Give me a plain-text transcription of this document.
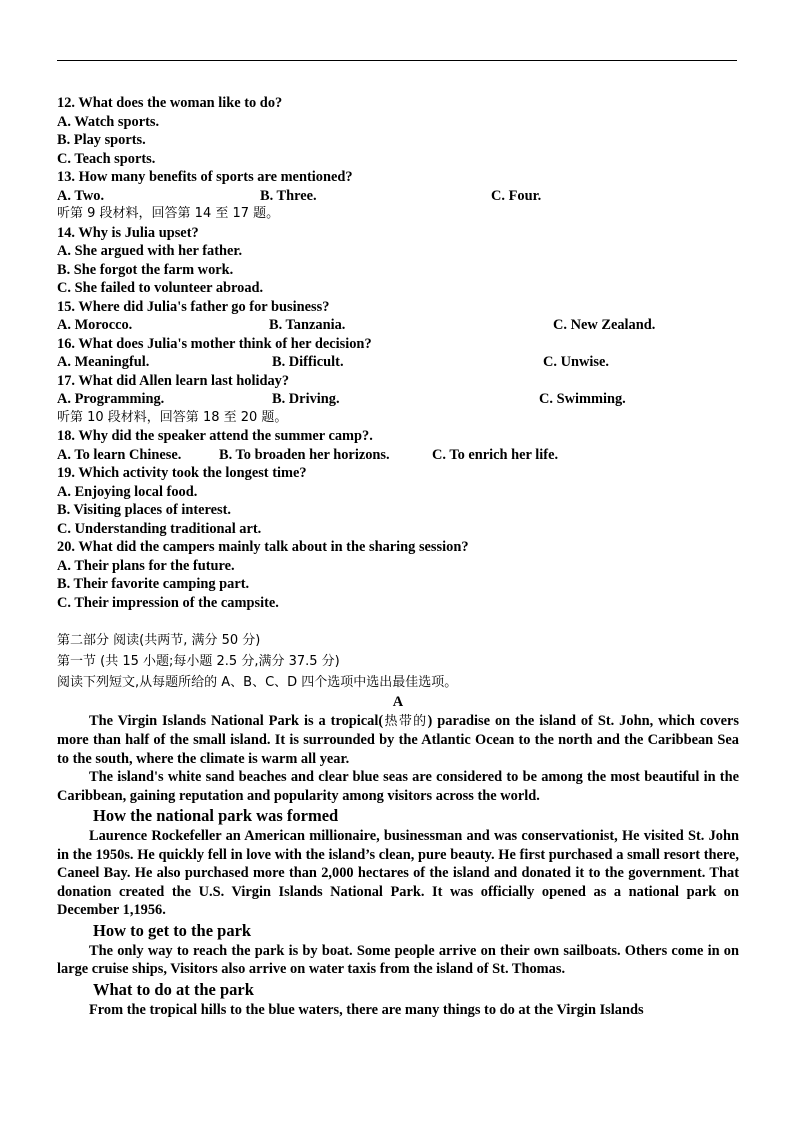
12. What does the woman like to do?
A. Watch sports.
B. Play sports.
C. Teach sports.
13. How many benefits of sports are mentioned?
A. Two.	B. Three.	C. Four.
听第 9 段材料，回答第 14 至 17 题。
14. Why is Julia upset?
A. She argued with her father.
B. She forgot the farm work.
C. She failed to volunteer abroad.
15. Where did Julia's father go for business?
A. Morocco.	B. Tanzania.	C. New Zealand.
16. What does Julia's mother think of her decision?
A. Meaningful.	B. Difficult.	C. Unwise.
17. What did Allen learn last holiday?
A. Programming.	B. Driving.	C. Swimming.
听第 10 段材料，回答第 18 至 20 题。
18. Why did the speaker attend the summer camp?.
A. To learn Chinese.	B. To broaden her horizons.	C. To enrich her life.
19. Which activity took the longest time?
A. Enjoying local food.
B. Visiting places of interest.
C. Understanding traditional art.
20. What did the campers mainly talk about in the sharing session?
A. Their plans for the future.
B. Their favorite camping part.
C. Their impression of the campsite.
第二部分 阅读(共两节, 满分 50 分)
第一节 (共 15 小题;每小题 2.5 分,满分 37.5 分)
阅读下列短文,从每题所给的 A、B、C、D 四个选项中选出最佳选项。
A

The Virgin Islands National Park is a tropical(热带的) paradise on the island of St. John, which covers more than half of the small island. It is surrounded by the Atlantic Ocean to the north and the Caribbean Sea to the south, where the climate is warm all year.

The island's white sand beaches and clear blue seas are considered to be among the most beautiful in the Caribbean, gaining reputation and popularity among visitors across the world.

How the national park was formed

Laurence Rockefeller an American millionaire, businessman and was conservationist, He visited St. John in the 1950s. He quickly fell in love with the island’s clean, pure beauty. He first purchased a small resort there, Caneel Bay. He also purchased more than 2,000 hectares of the island and donated it to the government. That donation created the U.S. Virgin Islands National Park. It was officially opened as a national park on December 1,1956.

How to get to the park

The only way to reach the park is by boat. Some people arrive on their own sailboats. Others come in on large cruise ships, Visitors also arrive on water taxis from the island of St. Thomas.

What to do at the park

From the tropical hills to the blue waters, there are many things to do at the Virgin Islands
